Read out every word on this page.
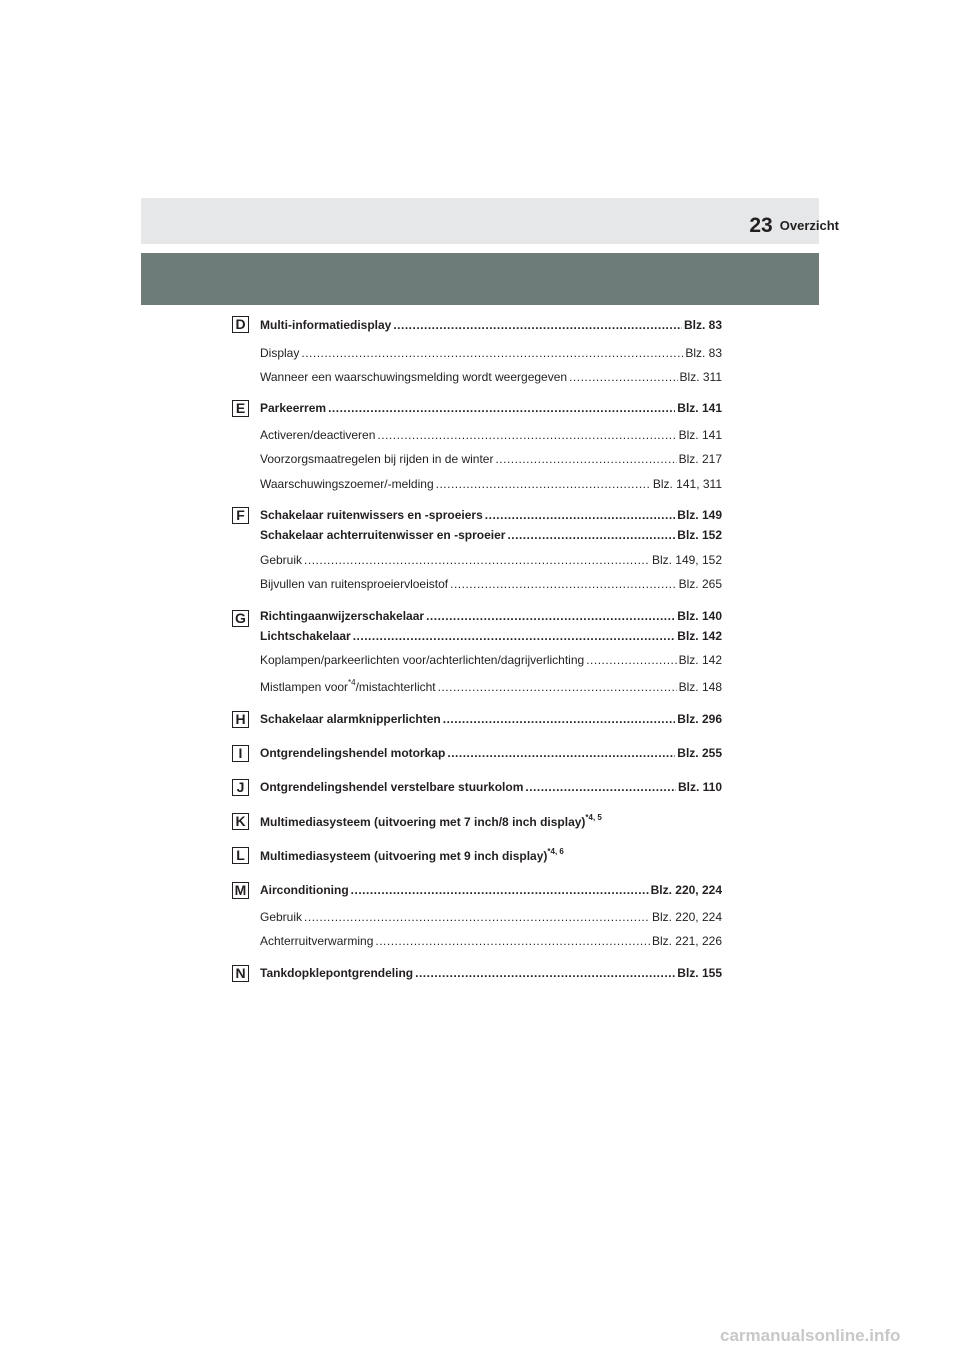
Overzicht
23
D
E
F
G
H
I
J
K
L
M
N
Multi-informatiedisplay .....	Blz. 83
Display .....	Blz. 83
Wanneer een waarschuwingsmelding wordt weergegeven .....	Blz. 311
Parkeerrem .....	Blz. 141
Activeren/deactiveren .....	Blz. 141
Voorzorgsmaatregelen bij rijden in de winter .....	Blz. 217
Waarschuwingszoemer/-melding .....	Blz. 141, 311
Schakelaar ruitenwissers en -sproeiers .....	Blz. 149
Schakelaar achterruitenwisser en -sproeier .....	Blz. 152
Gebruik .....	Blz. 149, 152
Bijvullen van ruitensproeiervloeistof .....	Blz. 265
Richtingaanwijzerschakelaar .....	Blz. 140
Lichtschakelaar .....	Blz. 142
Koplampen/parkeerlichten voor/achterlichten/dagrijverlichting .....	Blz. 142
Mistlampen voor$^{*4}$/mistachterlicht .....	Blz. 148
Schakelaar alarmknipperlichten .....	Blz. 296
Ontgrendelingshendel motorkap .....	Blz. 255
Ontgrendelingshendel verstelbare stuurkolom .....	Blz. 110
Multimediasysteem (uitvoering met 7 inch/8 inch display)$^{*4, 5}$
Multimediasysteem (uitvoering met 9 inch display)$^{*4, 6}$
Airconditioning .....	Blz. 220, 224
Gebruik .....	Blz. 220, 224
Achterruitverwarming .....	Blz. 221, 226
Tankdopklepontgrendeling .....	Blz. 155
carmanualsonline.info
